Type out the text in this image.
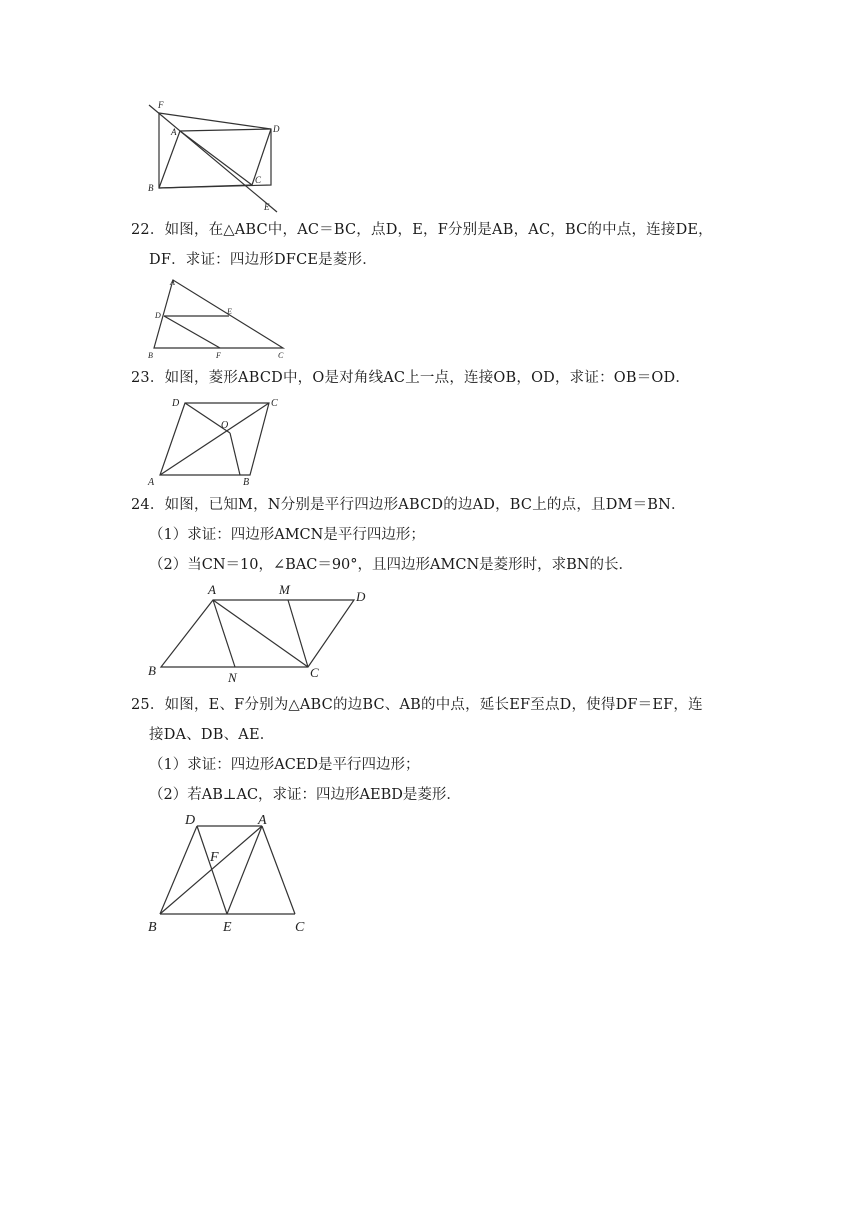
F
A	D
B
C
E
22．如图，在△ABC中，AC＝BC，点D，E，F分别是AB，AC，BC的中点，连接DE，
DF．求证：四边形DFCE是菱形．
A
D	E
B	F	C
23．如图，菱形ABCD中，O是对角线AC上一点，连接OB，OD，求证：OB＝OD．
D	C
O
A	B
24．如图，已知M，N分别是平行四边形ABCD的边AD，BC上的点，且DM＝BN．
（1）求证：四边形AMCN是平行四边形；
（2）当CN＝10，∠BAC＝90°，且四边形AMCN是菱形时，求BN的长．
A	M	D
B	N	C
25．如图，E、F分别为△ABC的边BC、AB的中点，延长EF至点D，使得DF＝EF，连
接DA、DB、AE．
（1）求证：四边形ACED是平行四边形；
（2）若AB⊥AC，求证：四边形AEBD是菱形．
D	A
F
B	E	C
